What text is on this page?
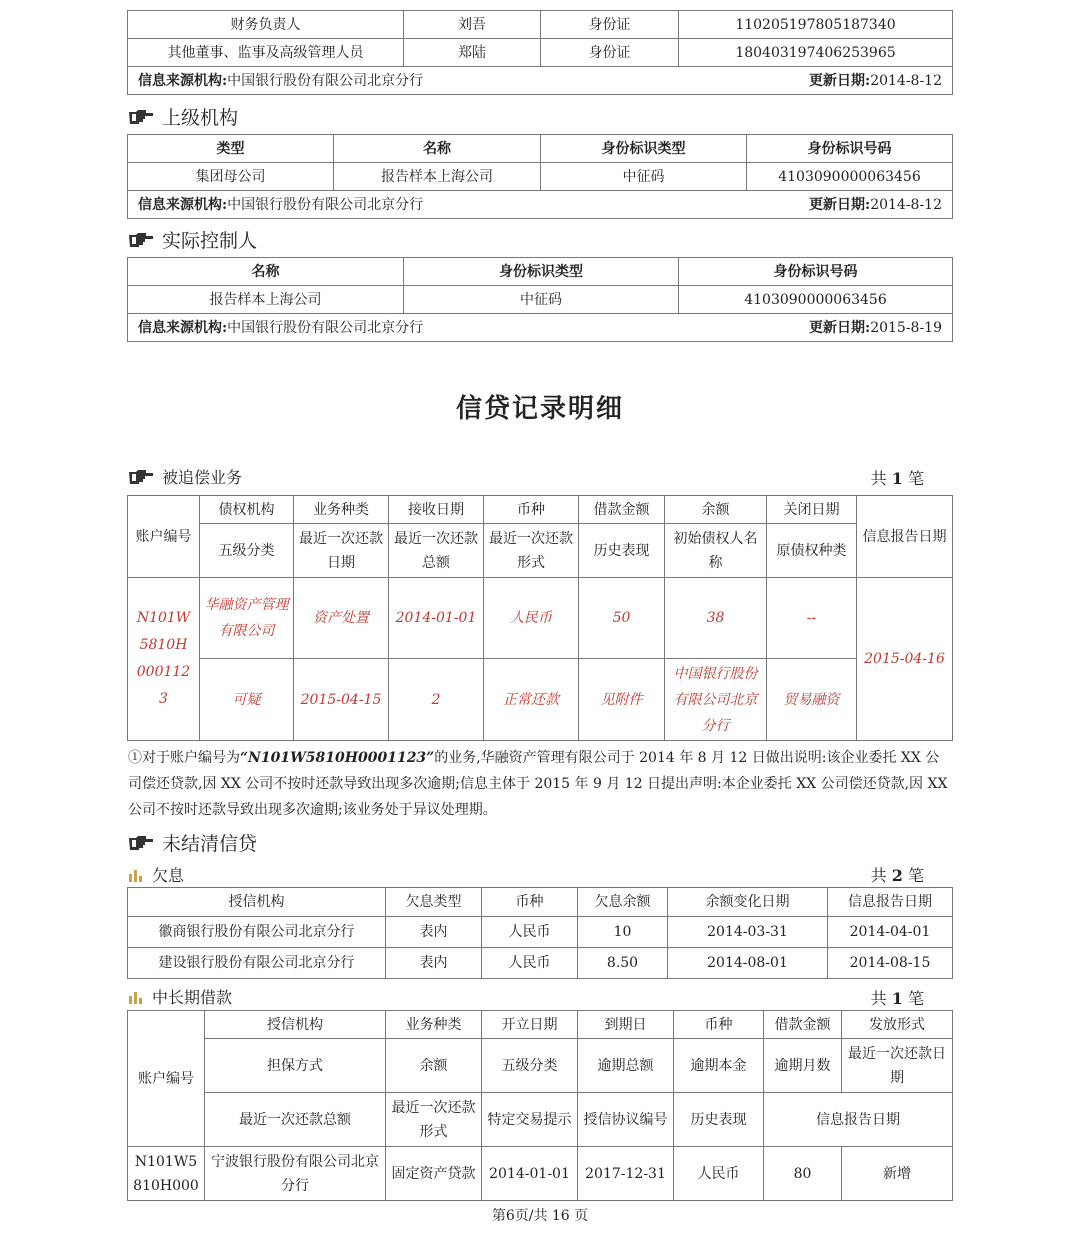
财务负责人	刘吾	身份证	110205197805187340
其他董事、监事及高级管理人员	郑陆	身份证	180403197406253965
信息来源机构:中国银行股份有限公司北京分行 更新日期:2014-8-12			
上级机构
类型	名称	身份标识类型	身份标识号码
集团母公司	报告样本上海公司	中征码	4103090000063456
信息来源机构:中国银行股份有限公司北京分行 更新日期:2014-8-12			
实际控制人
名称	身份标识类型	身份标识号码
报告样本上海公司	中征码	4103090000063456
信息来源机构:中国银行股份有限公司北京分行 更新日期:2015-8-19		
信贷记录明细
被追偿业务	共 1 笔
账户编号	债权机构	业务种类	接收日期	币种	借款金额	余额	关闭日期	信息报告日期
	五级分类	最近一次还款日期	最近一次还款总额	最近一次还款形式	历史表现	初始债权人名称	原债权种类	
N101W5810H0001123	华融资产管理有限公司	资产处置	2014-01-01	人民币	50	38	--	2015-04-16
	可疑	2015-04-15	2	正常还款	见附件	中国银行股份有限公司北京分行	贸易融资	
①对于账户编号为“N101W5810H0001123”的业务,华融资产管理有限公司于 2014 年 8 月 12 日做出说明:该企业委托 XX 公司偿还贷款,因 XX 公司不按时还款导致出现多次逾期;信息主体于 2015 年 9 月 12 日提出声明:本企业委托 XX 公司偿还贷款,因 XX 公司不按时还款导致出现多次逾期;该业务处于异议处理期。
未结清信贷
欠息	共 2 笔
授信机构	欠息类型	币种	欠息余额	余额变化日期	信息报告日期
徽商银行股份有限公司北京分行	表内	人民币	10	2014-03-31	2014-04-01
建设银行股份有限公司北京分行	表内	人民币	8.50	2014-08-01	2014-08-15
中长期借款	共 1 笔
账户编号	授信机构	业务种类	开立日期	到期日	币种	借款金额	发放形式
	担保方式	余额	五级分类	逾期总额	逾期本金	逾期月数	最近一次还款日期
	最近一次还款总额	最近一次还款形式	特定交易提示	授信协议编号	历史表现	信息报告日期	
N101W5810H000	宁波银行股份有限公司北京分行	固定资产贷款	2014-01-01	2017-12-31	人民币	80	新增
第6页/共 16 页
